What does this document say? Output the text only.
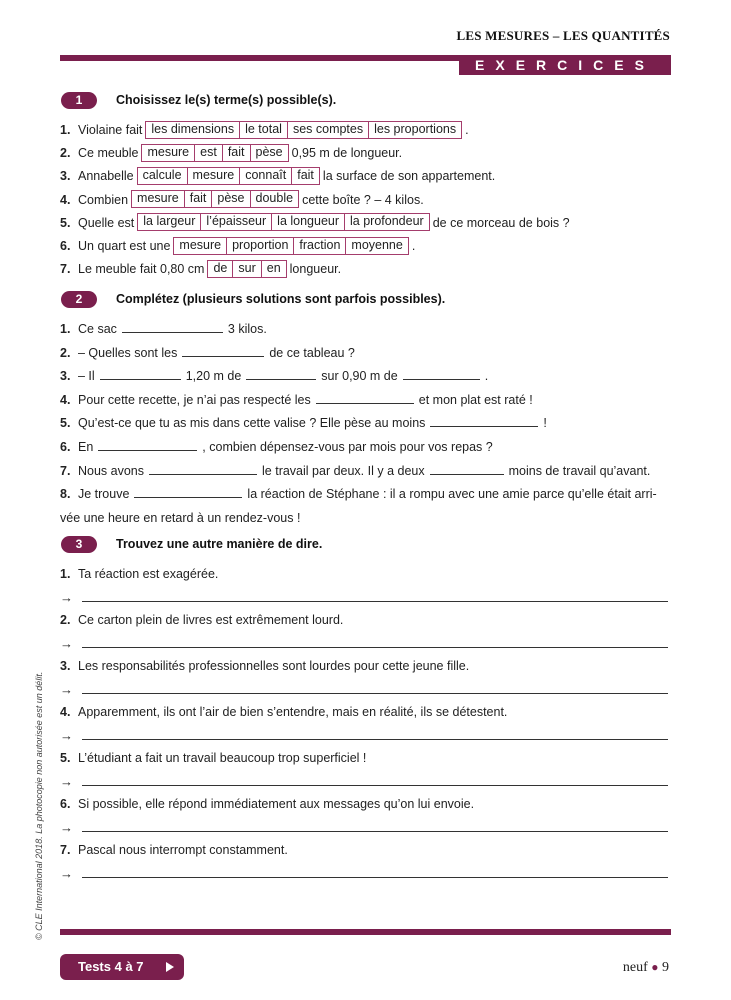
LES MESURES – LES QUANTITÉS
EXERCICES
1	Choisissez le(s) terme(s) possible(s).
1. Violaine fait les dimensions le total ses comptes les proportions .
2. Ce meuble mesure est fait pèse 0,95 m de longueur.
3. Annabelle calcule mesure connaît fait la surface de son appartement.
4. Combien mesure fait pèse double cette boîte ? – 4 kilos.
5. Quelle est la largeur l’épaisseur la longueur la profondeur de ce morceau de bois ?
6. Un quart est une mesure proportion fraction moyenne .
7. Le meuble fait 0,80 cm de sur en longueur.
2	Complétez (plusieurs solutions sont parfois possibles).
1. Ce sac	3 kilos.
2. – Quelles sont les	de ce tableau ?
3. – Il	1,20 m de	sur 0,90 m de	.
4. Pour cette recette, je n’ai pas respecté les	et mon plat est raté !
5. Qu’est-ce que tu as mis dans cette valise ? Elle pèse au moins	!
6. En	, combien dépensez-vous par mois pour vos repas ?
7. Nous avons	le travail par deux. Il y a deux	moins de travail qu’avant.
8. Je trouve	la réaction de Stéphane : il a rompu avec une amie parce qu’elle était arri-
vée une heure en retard à un rendez-vous !
3	Trouvez une autre manière de dire.
1. Ta réaction est exagérée.
→
2. Ce carton plein de livres est extrêmement lourd.
→
3. Les responsabilités professionnelles sont lourdes pour cette jeune fille.
→
4. Apparemment, ils ont l’air de bien s’entendre, mais en réalité, ils se détestent.
→
5. L’étudiant a fait un travail beaucoup trop superficiel !
→
6. Si possible, elle répond immédiatement aux messages qu’on lui envoie.
→
7. Pascal nous interrompt constamment.
→
Tests 4 à 7	neuf ● 9
© CLE International 2018. La photocopie non autorisée est un délit.
